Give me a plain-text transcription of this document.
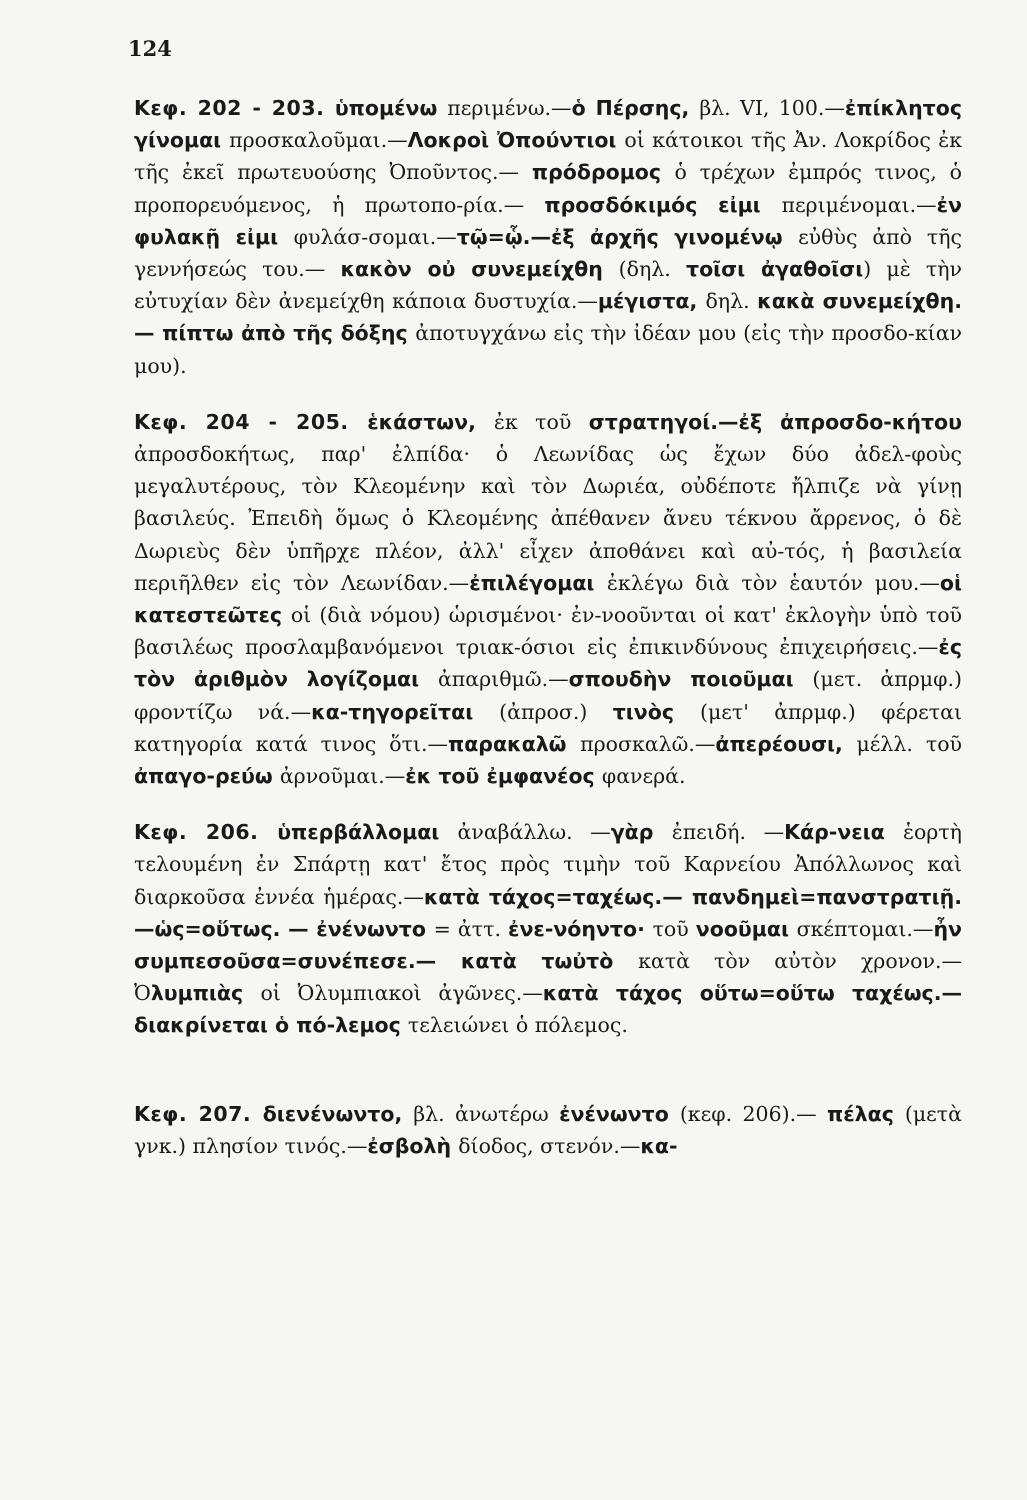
124

Κεφ. 202 - 203. ὑπομένω περιμένω.—ὁ Πέρσης, βλ. VI, 100.—ἐπίκλητος γίνομαι προσκαλοῦμαι.—Λοκροὶ Ὀπούντιοι οἱ κάτοικοι τῆς Ἀν. Λοκρίδος ἐκ τῆς ἐκεῖ πρωτευούσης Ὀποῦντος.— πρόδρομος ὁ τρέχων ἐμπρός τινος, ὁ προπορευόμενος, ἡ πρωτοπο-ρία.— προσδόκιμός εἰμι περιμένομαι.—ἐν φυλακῇ εἰμι φυλάσ-σομαι.—τῷ=ᾧ.—ἐξ ἀρχῆς γινομένῳ εὐθὺς ἀπὸ τῆς γεννήσεώς του.— κακὸν οὐ συνεμείχθη (δηλ. τοῖσι ἀγαθοῖσι) μὲ τὴν εὐτυχίαν δὲν ἀνεμείχθη κάποια δυστυχία.—μέγιστα, δηλ. κακὰ συνεμείχθη.— πίπτω ἀπὸ τῆς δόξης ἀποτυγχάνω εἰς τὴν ἰδέαν μου (εἰς τὴν προσδο-κίαν μου).

Κεφ. 204 - 205. ἑκάστων, ἐκ τοῦ στρατηγοί.—ἐξ ἀπροσδο-κήτου ἀπροσδοκήτως, παρ' ἐλπίδα· ὁ Λεωνίδας ὡς ἔχων δύο ἀδελ-φοὺς μεγαλυτέρους, τὸν Κλεομένην καὶ τὸν Δωριέα, οὐδέποτε ἤλπιζε νὰ γίνῃ βασιλεύς. Ἐπειδὴ ὅμως ὁ Κλεομένης ἀπέθανεν ἄνευ τέκνου ἄρρενος, ὁ δὲ Δωριεὺς δὲν ὑπῆρχε πλέον, ἀλλ' εἶχεν ἀποθάνει καὶ αὐ-τός, ἡ βασιλεία περιῆλθεν εἰς τὸν Λεωνίδαν.—ἐπιλέγομαι ἐκλέγω διὰ τὸν ἑαυτόν μου.—οἱ κατεστεῶτες οἱ (διὰ νόμου) ὡρισμένοι· ἐν-νοοῦνται οἱ κατ' ἐκλογὴν ὑπὸ τοῦ βασιλέως προσλαμβανόμενοι τριακ-όσιοι εἰς ἐπικινδύνους ἐπιχειρήσεις.—ἐς τὸν ἀριθμὸν λογίζομαι ἀπαριθμῶ.—σπουδὴν ποιοῦμαι (μετ. ἀπρμφ.) φροντίζω νά.—κα-τηγορεῖται (ἀπροσ.) τινὸς (μετ' ἀπρμφ.) φέρεται κατηγορία κατά τινος ὅτι.—παρακαλῶ προσκαλῶ.—ἀπερέουσι, μέλλ. τοῦ ἀπαγο-ρεύω ἀρνοῦμαι.—ἐκ τοῦ ἐμφανέος φανερά.

Κεφ. 206. ὑπερβάλλομαι ἀναβάλλω. —γὰρ ἐπειδή. —Κάρ-νεια ἑορτὴ τελουμένη ἐν Σπάρτῃ κατ' ἔτος πρὸς τιμὴν τοῦ Καρνείου Ἀπόλλωνος καὶ διαρκοῦσα ἐννέα ἡμέρας.—κατὰ τάχος=ταχέως.— πανδημεὶ=πανστρατιῇ.—ὡς=οὕτως. — ἐνένωντο = ἀττ. ἐνε-νόηντο· τοῦ νοοῦμαι σκέπτομαι.—ἦν συμπεσοῦσα=συνέπεσε.— κατὰ τωὐτὸ κατὰ τὸν αὐτὸν χρονον.—Ὀλυμπιὰς οἱ Ὀλυμπιακοὶ ἀγῶνες.—κατὰ τάχος οὕτω=οὕτω ταχέως.—διακρίνεται ὁ πό-λεμος τελειώνει ὁ πόλεμος.

Κεφ. 207. διενένωντο, βλ. ἀνωτέρω ἐνένωντο (κεφ. 206).— πέλας (μετὰ γνκ.) πλησίον τινός.—ἐσβολὴ δίοδος, στενόν.—κα-
